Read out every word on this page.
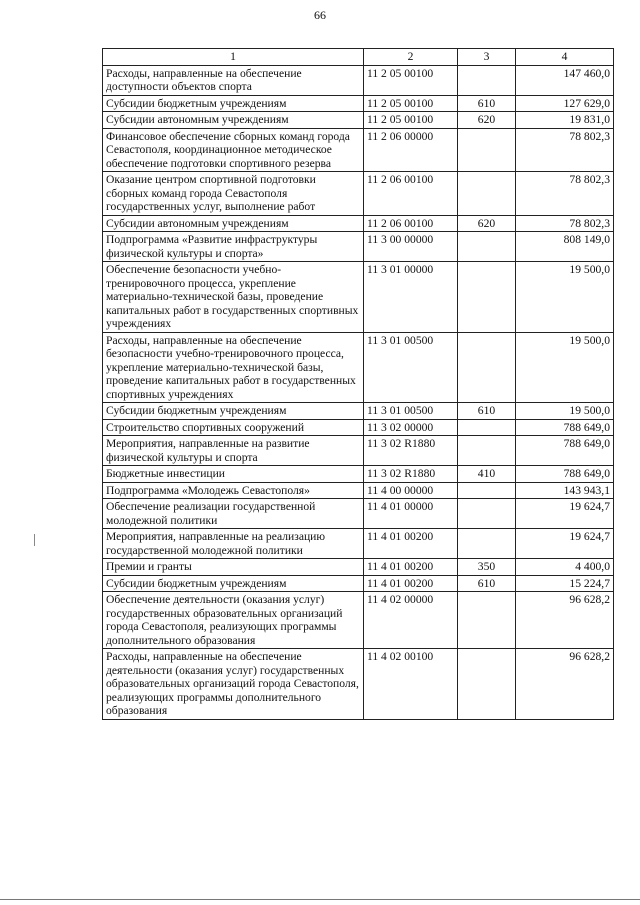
66
1	2	3	4
Расходы, направленные на обеспечение доступности объектов спорта	11 2 05 00100		147 460,0
Субсидии бюджетным учреждениям	11 2 05 00100	610	127 629,0
Субсидии автономным учреждениям	11 2 05 00100	620	19 831,0
Финансовое обеспечение сборных команд города Севастополя, координационное методическое обеспечение подготовки спортивного резерва	11 2 06 00000		78 802,3
Оказание центром спортивной подготовки сборных команд города Севастополя государственных услуг, выполнение работ	11 2 06 00100		78 802,3
Субсидии автономным учреждениям	11 2 06 00100	620	78 802,3
Подпрограмма «Развитие инфраструктуры физической культуры и спорта»	11 3 00 00000		808 149,0
Обеспечение безопасности учебно-тренировочного процесса, укрепление материально-технической базы, проведение капитальных работ в государственных спортивных учреждениях	11 3 01 00000		19 500,0
Расходы, направленные на обеспечение безопасности учебно-тренировочного процесса, укрепление материально-технической базы, проведение капитальных работ в государственных спортивных учреждениях	11 3 01 00500		19 500,0
Субсидии бюджетным учреждениям	11 3 01 00500	610	19 500,0
Строительство спортивных сооружений	11 3 02 00000		788 649,0
Мероприятия, направленные на развитие физической культуры и спорта	11 3 02 R1880		788 649,0
Бюджетные инвестиции	11 3 02 R1880	410	788 649,0
Подпрограмма «Молодежь Севастополя»	11 4 00 00000		143 943,1
Обеспечение реализации государственной молодежной политики	11 4 01 00000		19 624,7
Мероприятия, направленные на реализацию государственной молодежной политики	11 4 01 00200		19 624,7
Премии и гранты	11 4 01 00200	350	4 400,0
Субсидии бюджетным учреждениям	11 4 01 00200	610	15 224,7
Обеспечение деятельности (оказания услуг) государственных образовательных организаций города Севастополя, реализующих программы дополнительного образования	11 4 02 00000		96 628,2
Расходы, направленные на обеспечение деятельности (оказания услуг) государственных образовательных организаций города Севастополя, реализующих программы дополнительного образования	11 4 02 00100		96 628,2
